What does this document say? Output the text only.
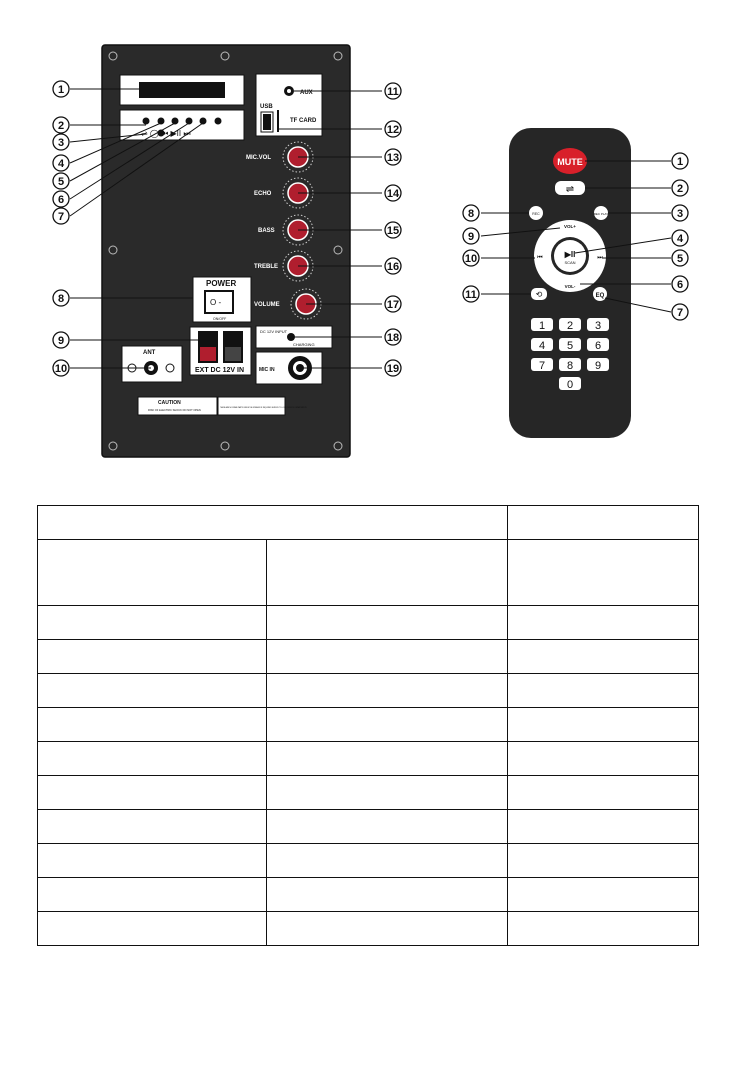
⇌ ◯ ⏮ ▶II ⏭
AUX
USB
TF CARD
MIC.VOL
ECHO
BASS
TREBLE
VOLUME
POWER
O -
ON/OFF
EXT DC 12V IN
DC 12V INPUT
CHARGING
MIC IN
ANT
CAUTION
RISK OF ELECTRIC SHOCK DO NOT OPEN
THERE ARE NO SPARE PARTS INSIDE THE SPEAKER IF REQUIRED SERVICE TO LOCAL SERVICE DEPARTMENTS
1
2
3
4
5
6
7
8
9
10
11
12
13
14
15
16
17
18
19
MUTE
⇌
REC	REC PLAY
▶II
SCAN
VOL+
VOL-
⏮	⏭
⟲	EQ
1 2 3
4 5 6
7 8 9
0
1
2
3
4
5
6
7
8
9
10
11
